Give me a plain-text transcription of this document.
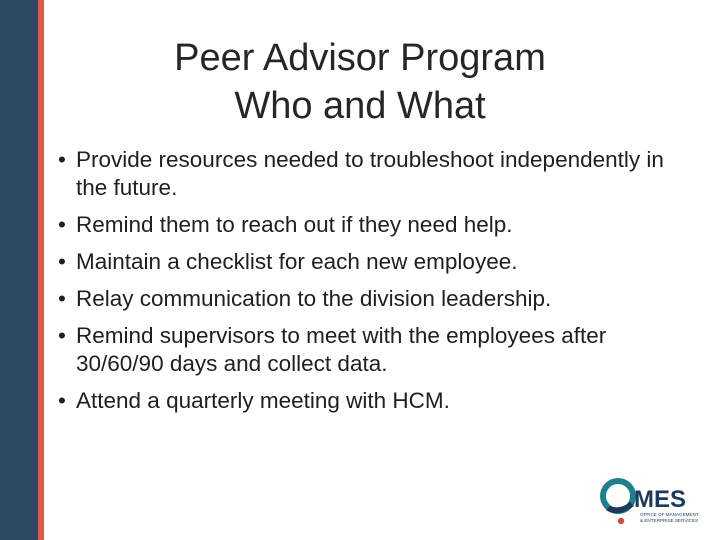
Peer Advisor Program
Who and What
• Provide resources needed to troubleshoot independently in the future.
• Remind them to reach out if they need help.
• Maintain a checklist for each new employee.
• Relay communication to the division leadership.
• Remind supervisors to meet with the employees after 30/60/90 days and collect data.
• Attend a quarterly meeting with HCM.
MES
OFFICE OF MANAGEMENT
& ENTERPRISE SERVICES
